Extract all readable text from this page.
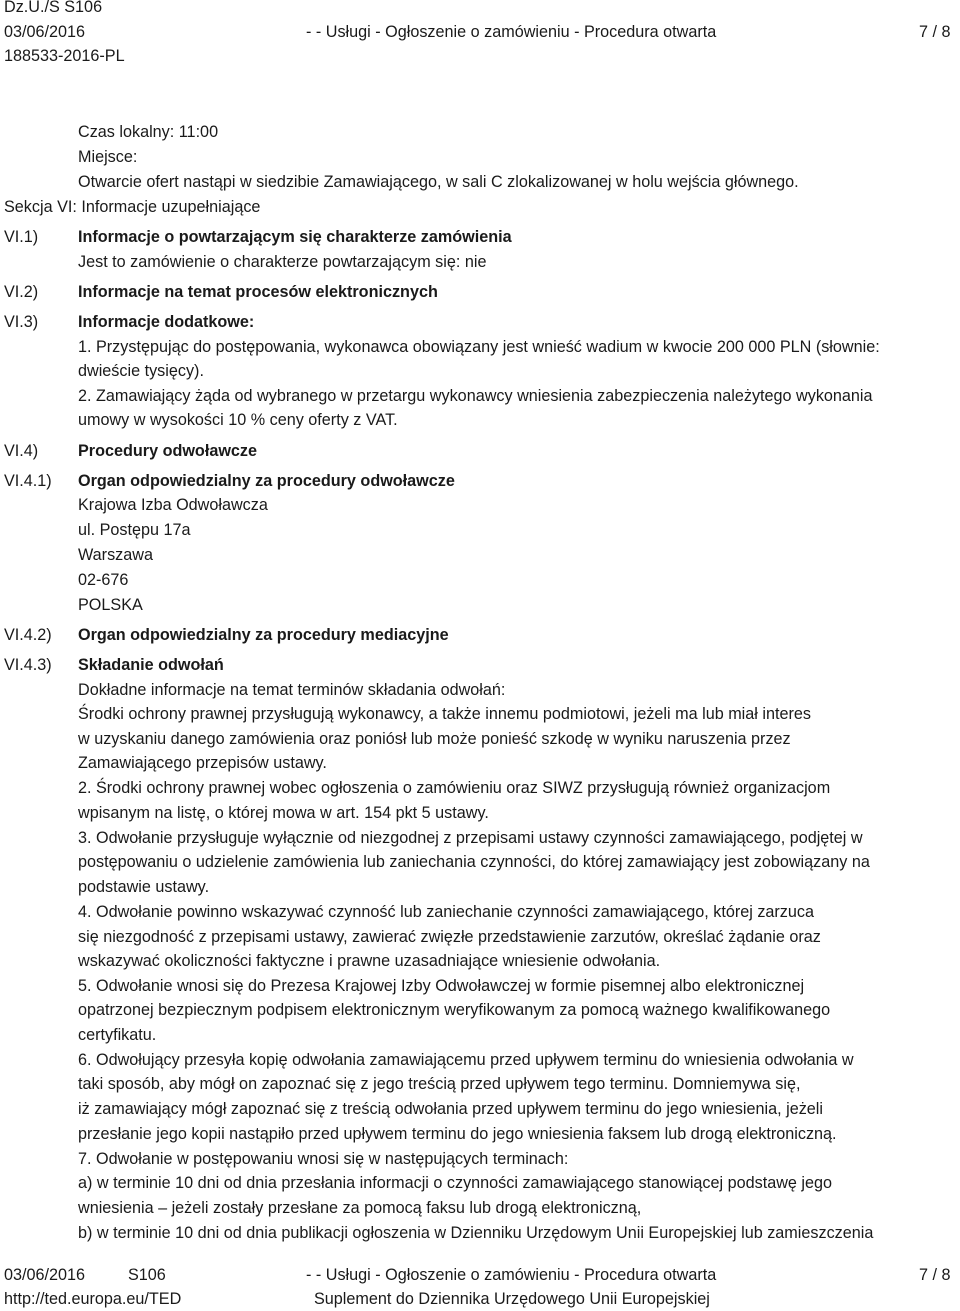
Dz.U./S S106
03/06/2016	- - Usługi - Ogłoszenie o zamówieniu - Procedura otwarta	7 / 8
188533-2016-PL
Czas lokalny: 11:00
Miejsce:
Otwarcie ofert nastąpi w siedzibie Zamawiającego, w sali C zlokalizowanej w holu wejścia głównego.
Sekcja VI: Informacje uzupełniające
VI.1) Informacje o powtarzającym się charakterze zamówienia
Jest to zamówienie o charakterze powtarzającym się: nie
VI.2) Informacje na temat procesów elektronicznych
VI.3) Informacje dodatkowe:
1. Przystępując do postępowania, wykonawca obowiązany jest wnieść wadium w kwocie 200 000 PLN (słownie:
dwieście tysięcy).
2. Zamawiający żąda od wybranego w przetargu wykonawcy wniesienia zabezpieczenia należytego wykonania
umowy w wysokości 10 % ceny oferty z VAT.
VI.4) Procedury odwoławcze
VI.4.1) Organ odpowiedzialny za procedury odwoławcze
Krajowa Izba Odwoławcza
ul. Postępu 17a
Warszawa
02-676
POLSKA
VI.4.2) Organ odpowiedzialny za procedury mediacyjne
VI.4.3) Składanie odwołań
Dokładne informacje na temat terminów składania odwołań:
Środki ochrony prawnej przysługują wykonawcy, a także innemu podmiotowi, jeżeli ma lub miał interes
w uzyskaniu danego zamówienia oraz poniósł lub może ponieść szkodę w wyniku naruszenia przez
Zamawiającego przepisów ustawy.
2. Środki ochrony prawnej wobec ogłoszenia o zamówieniu oraz SIWZ przysługują również organizacjom
wpisanym na listę, o której mowa w art. 154 pkt 5 ustawy.
3. Odwołanie przysługuje wyłącznie od niezgodnej z przepisami ustawy czynności zamawiającego, podjętej w
postępowaniu o udzielenie zamówienia lub zaniechania czynności, do której zamawiający jest zobowiązany na
podstawie ustawy.
4. Odwołanie powinno wskazywać czynność lub zaniechanie czynności zamawiającego, której zarzuca
się niezgodność z przepisami ustawy, zawierać zwięzłe przedstawienie zarzutów, określać żądanie oraz
wskazywać okoliczności faktyczne i prawne uzasadniające wniesienie odwołania.
5. Odwołanie wnosi się do Prezesa Krajowej Izby Odwoławczej w formie pisemnej albo elektronicznej
opatrzonej bezpiecznym podpisem elektronicznym weryfikowanym za pomocą ważnego kwalifikowanego
certyfikatu.
6. Odwołujący przesyła kopię odwołania zamawiającemu przed upływem terminu do wniesienia odwołania w
taki sposób, aby mógł on zapoznać się z jego treścią przed upływem tego terminu. Domniemywa się,
iż zamawiający mógł zapoznać się z treścią odwołania przed upływem terminu do jego wniesienia, jeżeli
przesłanie jego kopii nastąpiło przed upływem terminu do jego wniesienia faksem lub drogą elektroniczną.
7. Odwołanie w postępowaniu wnosi się w następujących terminach:
a) w terminie 10 dni od dnia przesłania informacji o czynności zamawiającego stanowiącej podstawę jego
wniesienia – jeżeli zostały przesłane za pomocą faksu lub drogą elektroniczną,
b) w terminie 10 dni od dnia publikacji ogłoszenia w Dzienniku Urzędowym Unii Europejskiej lub zamieszczenia
03/06/2016	S106	- - Usługi - Ogłoszenie o zamówieniu - Procedura otwarta	7 / 8
http://ted.europa.eu/TED	Suplement do Dziennika Urzędowego Unii Europejskiej
